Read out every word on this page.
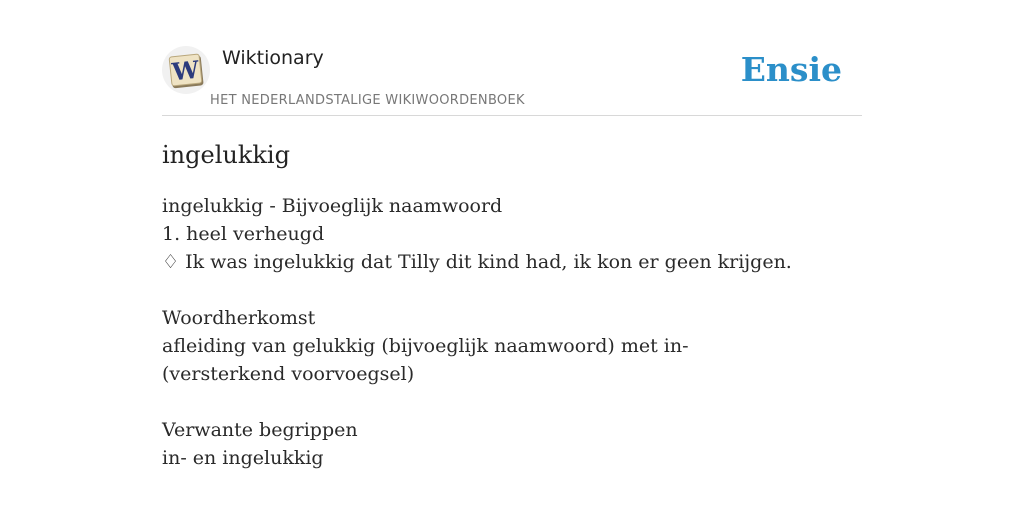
W Wiktionary
HET NEDERLANDSTALIGE WIKIWOORDENBOEK
Ensie
ingelukkig
ingelukkig - Bijvoeglijk naamwoord
1. heel verheugd
♢ Ik was ingelukkig dat Tilly dit kind had, ik kon er geen krijgen.
Woordherkomst
afleiding van gelukkig (bijvoeglijk naamwoord) met in- (versterkend voorvoegsel)
Verwante begrippen
in- en ingelukkig
